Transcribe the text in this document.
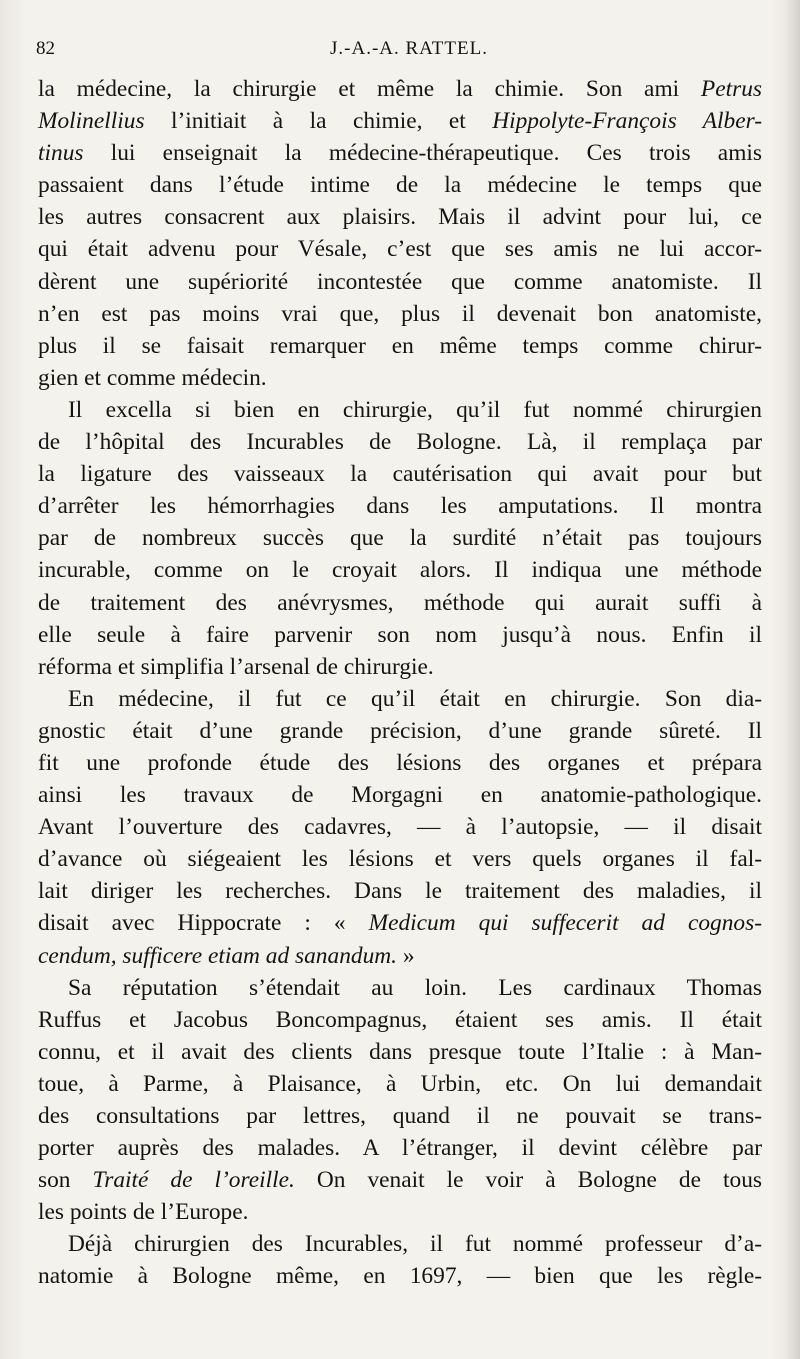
82	J.-A.-A. RATTEL.
la médecine, la chirurgie et même la chimie. Son ami Petrus
Molinellius l’initiait à la chimie, et Hippolyte-François Alber-
tinus lui enseignait la médecine-thérapeutique. Ces trois amis
passaient dans l’étude intime de la médecine le temps que
les autres consacrent aux plaisirs. Mais il advint pour lui, ce
qui était advenu pour Vésale, c’est que ses amis ne lui accor-
dèrent une supériorité incontestée que comme anatomiste. Il
n’en est pas moins vrai que, plus il devenait bon anatomiste,
plus il se faisait remarquer en même temps comme chirur-
gien et comme médecin.
Il excella si bien en chirurgie, qu’il fut nommé chirurgien
de l’hôpital des Incurables de Bologne. Là, il remplaça par
la ligature des vaisseaux la cautérisation qui avait pour but
d’arrêter les hémorrhagies dans les amputations. Il montra
par de nombreux succès que la surdité n’était pas toujours
incurable, comme on le croyait alors. Il indiqua une méthode
de traitement des anévrysmes, méthode qui aurait suffi à
elle seule à faire parvenir son nom jusqu’à nous. Enfin il
réforma et simplifia l’arsenal de chirurgie.
En médecine, il fut ce qu’il était en chirurgie. Son dia-
gnostic était d’une grande précision, d’une grande sûreté. Il
fit une profonde étude des lésions des organes et prépara
ainsi les travaux de Morgagni en anatomie-pathologique.
Avant l’ouverture des cadavres, — à l’autopsie, — il disait
d’avance où siégeaient les lésions et vers quels organes il fal-
lait diriger les recherches. Dans le traitement des maladies, il
disait avec Hippocrate : « Medicum qui suffecerit ad cognos-
cendum, sufficere etiam ad sanandum. »
Sa réputation s’étendait au loin. Les cardinaux Thomas
Ruffus et Jacobus Boncompagnus, étaient ses amis. Il était
connu, et il avait des clients dans presque toute l’Italie : à Man-
toue, à Parme, à Plaisance, à Urbin, etc. On lui demandait
des consultations par lettres, quand il ne pouvait se trans-
porter auprès des malades. A l’étranger, il devint célèbre par
son Traité de l’oreille. On venait le voir à Bologne de tous
les points de l’Europe.
Déjà chirurgien des Incurables, il fut nommé professeur d’a-
natomie à Bologne même, en 1697, — bien que les règle-
